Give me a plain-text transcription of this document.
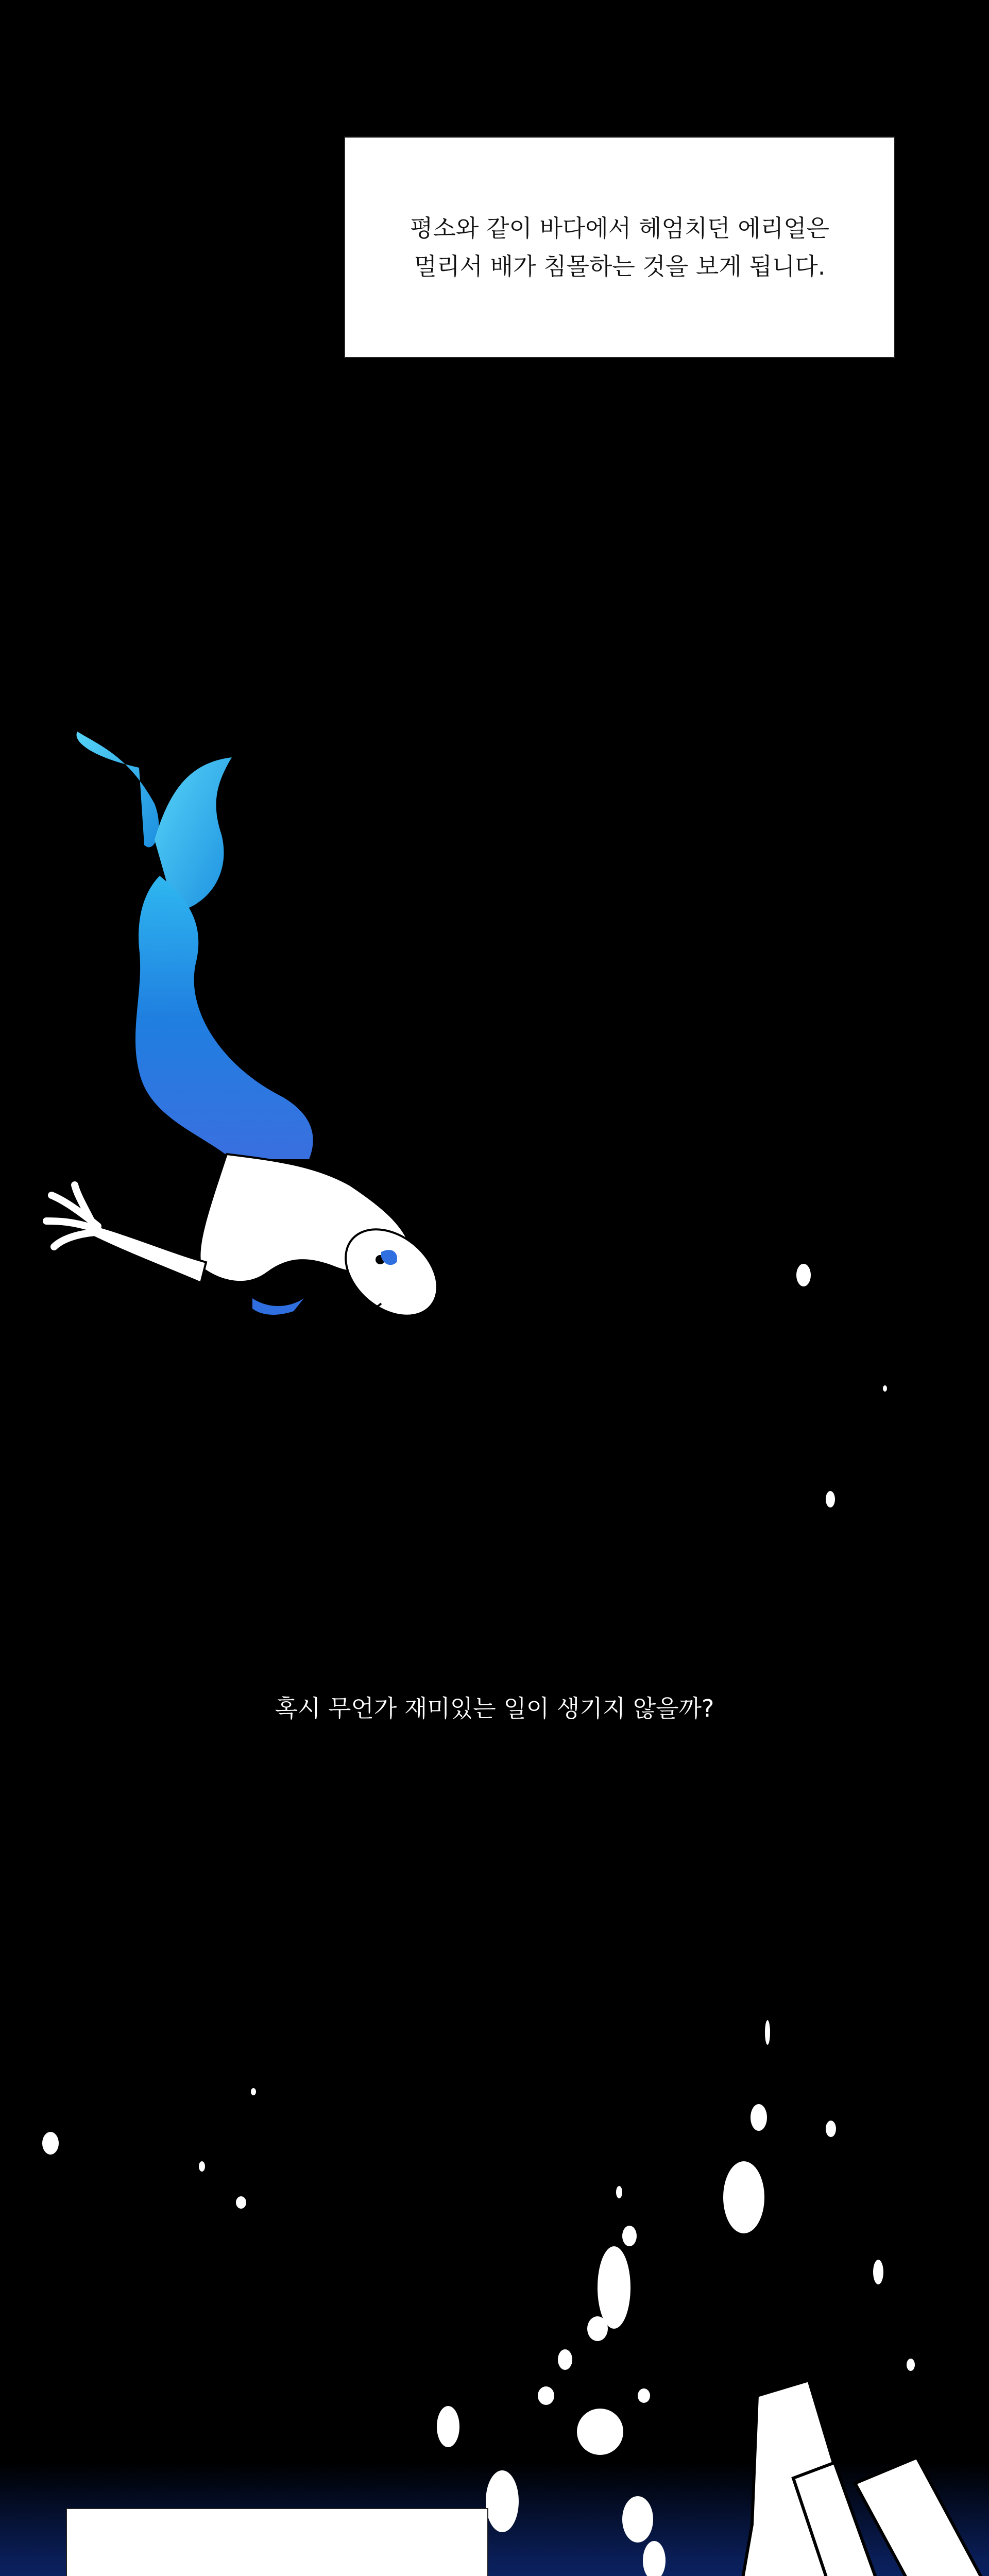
평소와 같이 바다에서 헤엄치던 에리얼은
멀리서 배가 침몰하는 것을 보게 됩니다.
혹시 무언가 재미있는 일이 생기지 않을까?
